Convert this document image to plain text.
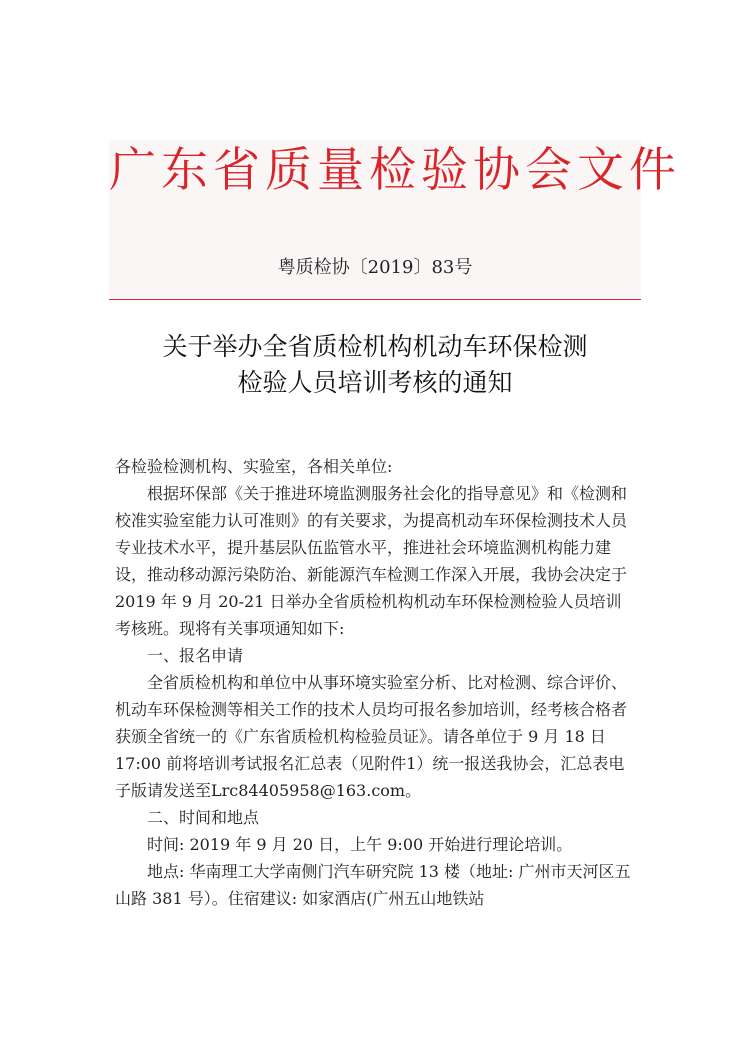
广东省质量检验协会文件
粤质检协〔2019〕83号
关于举办全省质检机构机动车环保检测
检验人员培训考核的通知

各检验检测机构、实验室，各相关单位:

根据环保部《关于推进环境监测服务社会化的指导意见》和《检测和校准实验室能力认可准则》的有关要求，为提高机动车环保检测技术人员专业技术水平，提升基层队伍监管水平，推进社会环境监测机构能力建设，推动移动源污染防治、新能源汽车检测工作深入开展，我协会决定于 2019 年 9 月 20-21 日举办全省质检机构机动车环保检测检验人员培训考核班。现将有关事项通知如下:

一、报名申请

全省质检机构和单位中从事环境实验室分析、比对检测、综合评价、机动车环保检测等相关工作的技术人员均可报名参加培训，经考核合格者获颁全省统一的《广东省质检机构检验员证》。请各单位于 9 月 18 日 17:00 前将培训考试报名汇总表（见附件1）统一报送我协会，汇总表电子版请发送至Lrc84405958@163.com。

二、时间和地点

时间: 2019 年 9 月 20 日，上午 9:00 开始进行理论培训。

地点: 华南理工大学南侧门汽车研究院 13 楼（地址: 广州市天河区五山路 381 号）。住宿建议: 如家酒店(广州五山地铁站
